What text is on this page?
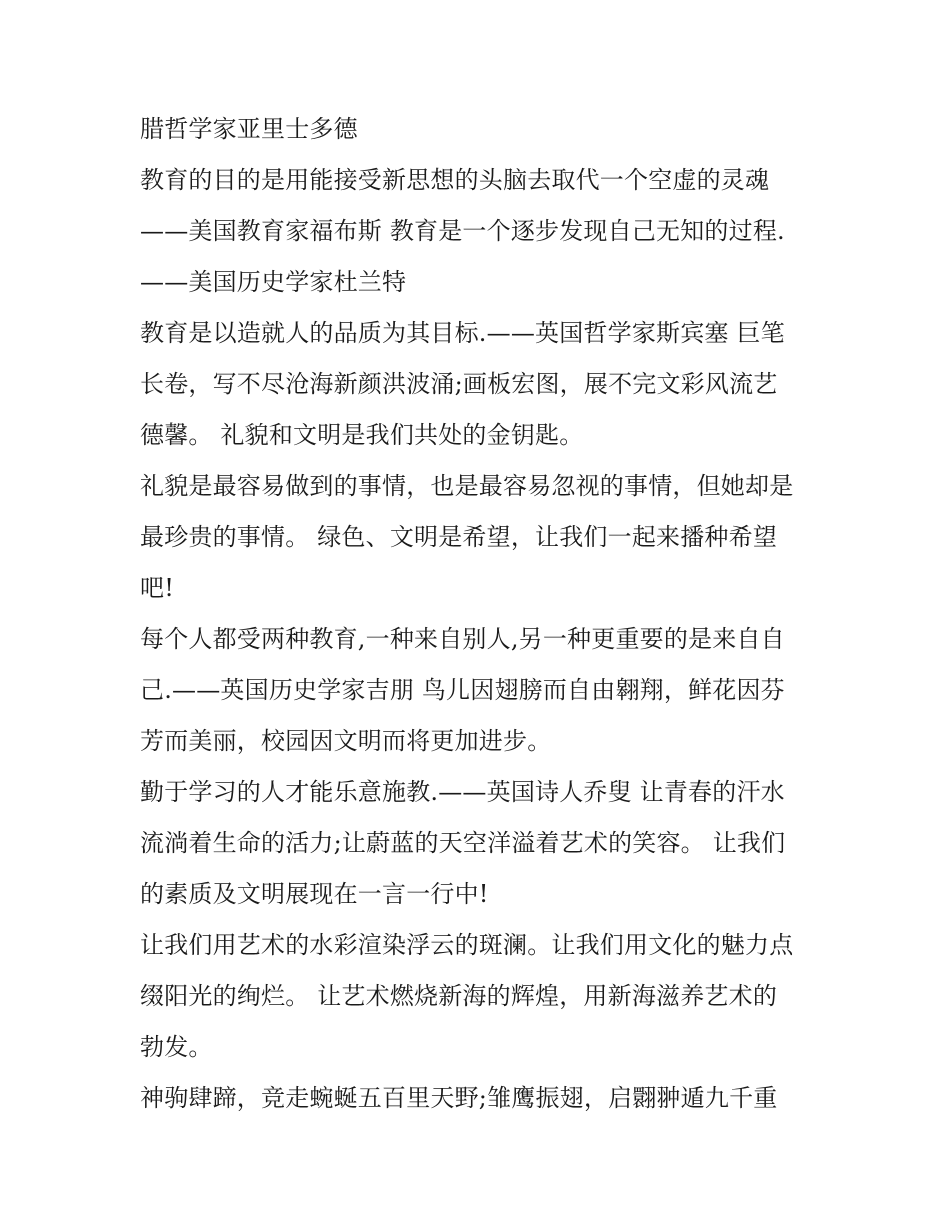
腊哲学家亚里士多德
教育的目的是用能接受新思想的头脑去取代一个空虚的灵魂
——美国教育家福布斯 教育是一个逐步发现自己无知的过程.
——美国历史学家杜兰特
教育是以造就人的品质为其目标.——英国哲学家斯宾塞 巨笔
长卷，写不尽沧海新颜洪波涌;画板宏图，展不完文彩风流艺
德馨。 礼貌和文明是我们共处的金钥匙。
礼貌是最容易做到的事情，也是最容易忽视的事情，但她却是
最珍贵的事情。 绿色、文明是希望，让我们一起来播种希望
吧!
每个人都受两种教育,一种来自别人,另一种更重要的是来自自
己.——英国历史学家吉朋 鸟儿因翅膀而自由翱翔，鲜花因芬
芳而美丽，校园因文明而将更加进步。
勤于学习的人才能乐意施教.——英国诗人乔叟 让青春的汗水
流淌着生命的活力;让蔚蓝的天空洋溢着艺术的笑容。 让我们
的素质及文明展现在一言一行中!
让我们用艺术的水彩渲染浮云的斑澜。让我们用文化的魅力点
缀阳光的绚烂。 让艺术燃烧新海的辉煌，用新海滋养艺术的
勃发。
神驹肆蹄，竞走蜿蜒五百里天野;雏鹰振翅，启翾翀遁九千重
